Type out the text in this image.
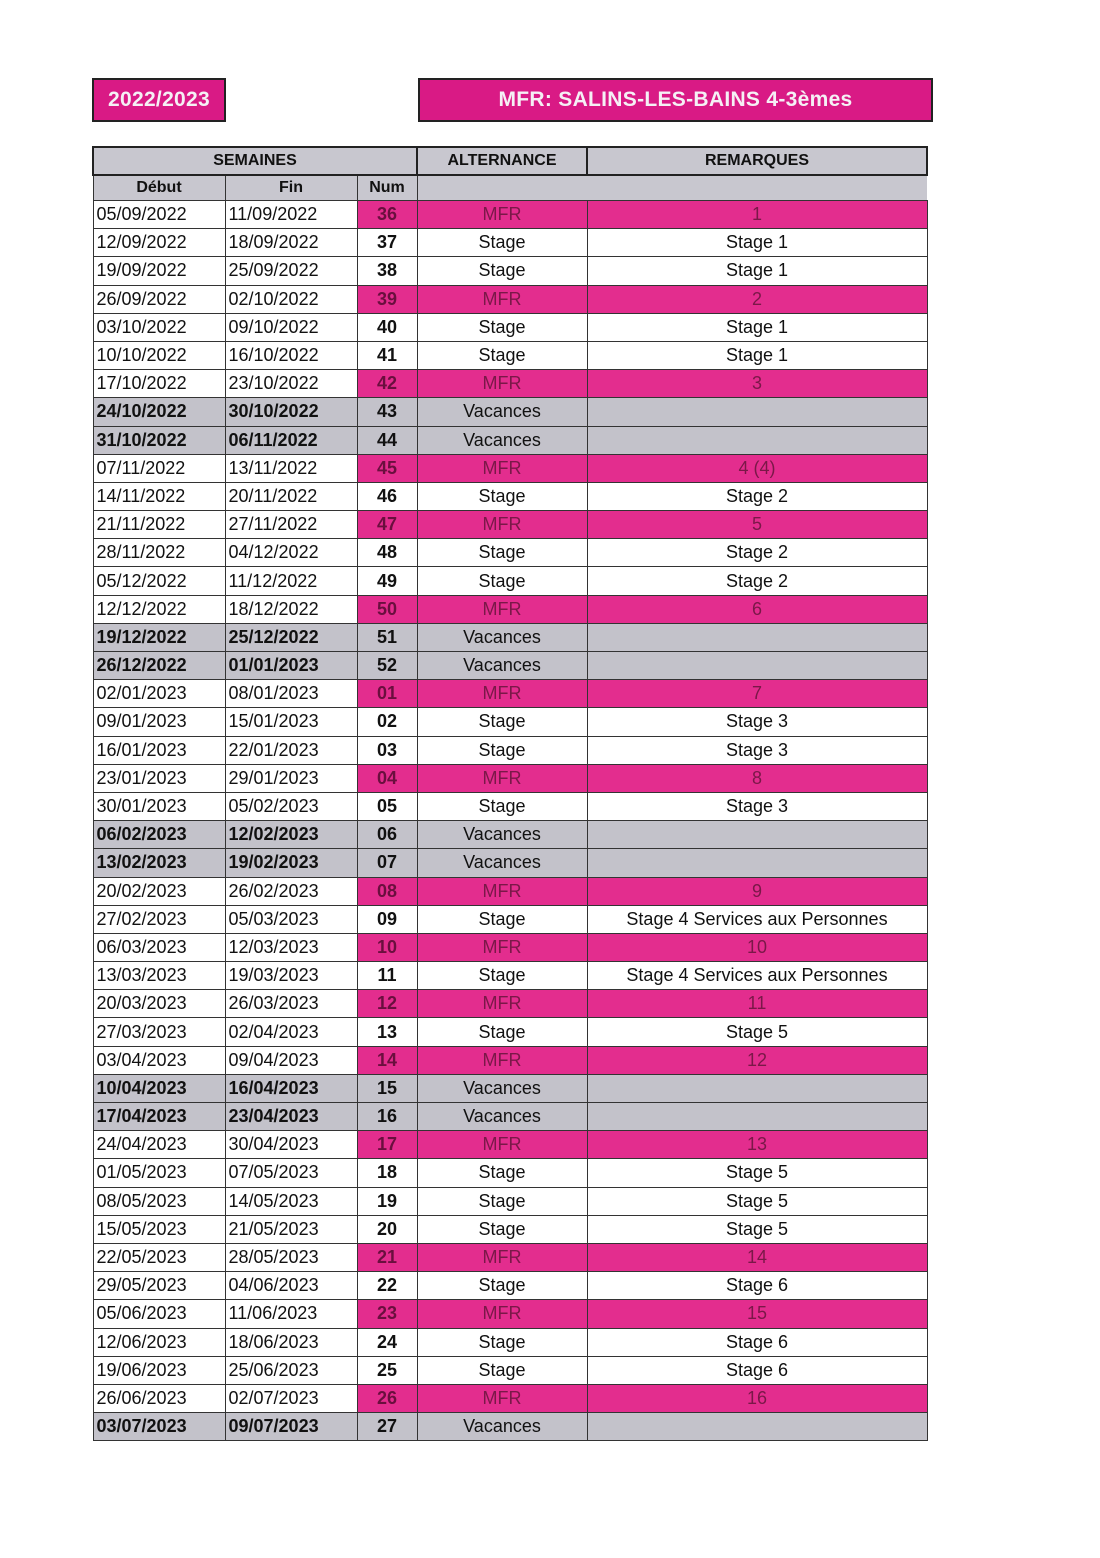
2022/2023	MFR: SALINS-LES-BAINS 4-3èmes
SEMAINES			ALTERNANCE	REMARQUES
Début	Fin	Num		
05/09/2022	11/09/2022	36	MFR	1
12/09/2022	18/09/2022	37	Stage	Stage 1
19/09/2022	25/09/2022	38	Stage	Stage 1
26/09/2022	02/10/2022	39	MFR	2
03/10/2022	09/10/2022	40	Stage	Stage 1
10/10/2022	16/10/2022	41	Stage	Stage 1
17/10/2022	23/10/2022	42	MFR	3
24/10/2022	30/10/2022	43	Vacances	
31/10/2022	06/11/2022	44	Vacances	
07/11/2022	13/11/2022	45	MFR	4 (4)
14/11/2022	20/11/2022	46	Stage	Stage 2
21/11/2022	27/11/2022	47	MFR	5
28/11/2022	04/12/2022	48	Stage	Stage 2
05/12/2022	11/12/2022	49	Stage	Stage 2
12/12/2022	18/12/2022	50	MFR	6
19/12/2022	25/12/2022	51	Vacances	
26/12/2022	01/01/2023	52	Vacances	
02/01/2023	08/01/2023	01	MFR	7
09/01/2023	15/01/2023	02	Stage	Stage 3
16/01/2023	22/01/2023	03	Stage	Stage 3
23/01/2023	29/01/2023	04	MFR	8
30/01/2023	05/02/2023	05	Stage	Stage 3
06/02/2023	12/02/2023	06	Vacances	
13/02/2023	19/02/2023	07	Vacances	
20/02/2023	26/02/2023	08	MFR	9
27/02/2023	05/03/2023	09	Stage	Stage 4 Services aux Personnes
06/03/2023	12/03/2023	10	MFR	10
13/03/2023	19/03/2023	11	Stage	Stage 4 Services aux Personnes
20/03/2023	26/03/2023	12	MFR	11
27/03/2023	02/04/2023	13	Stage	Stage 5
03/04/2023	09/04/2023	14	MFR	12
10/04/2023	16/04/2023	15	Vacances	
17/04/2023	23/04/2023	16	Vacances	
24/04/2023	30/04/2023	17	MFR	13
01/05/2023	07/05/2023	18	Stage	Stage 5
08/05/2023	14/05/2023	19	Stage	Stage 5
15/05/2023	21/05/2023	20	Stage	Stage 5
22/05/2023	28/05/2023	21	MFR	14
29/05/2023	04/06/2023	22	Stage	Stage 6
05/06/2023	11/06/2023	23	MFR	15
12/06/2023	18/06/2023	24	Stage	Stage 6
19/06/2023	25/06/2023	25	Stage	Stage 6
26/06/2023	02/07/2023	26	MFR	16
03/07/2023	09/07/2023	27	Vacances	
